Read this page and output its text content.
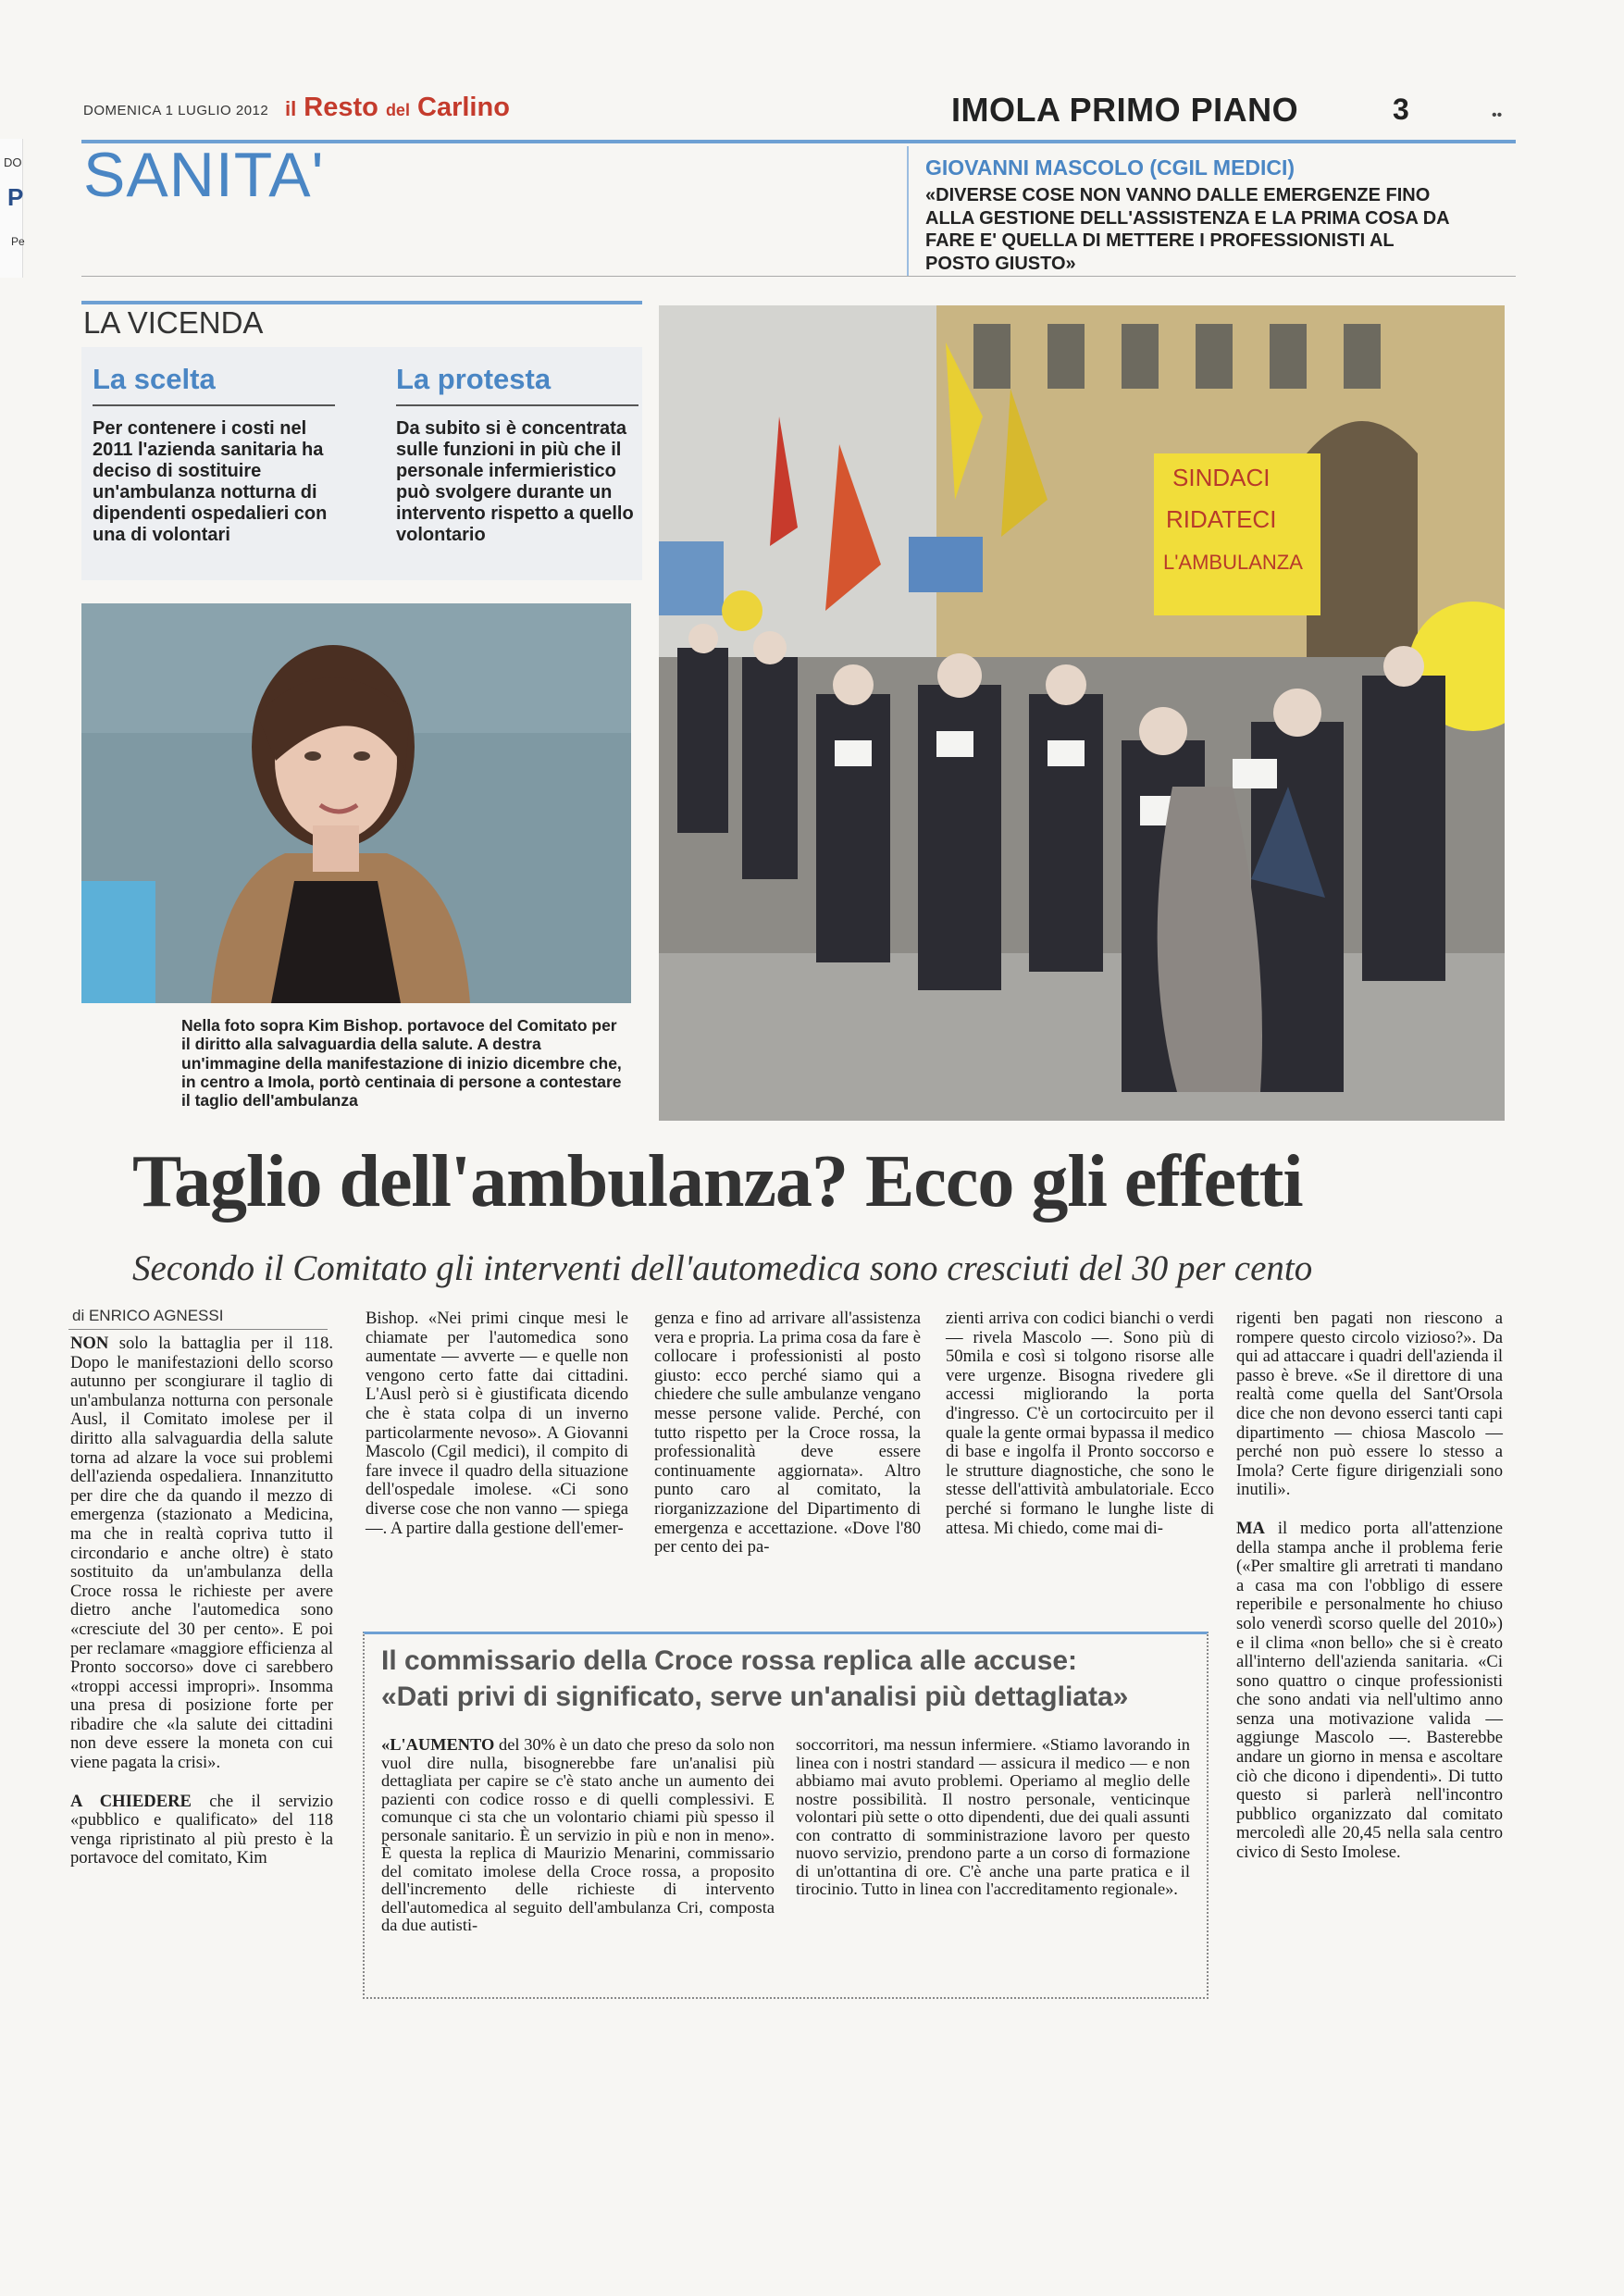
DO
P
Pe
DOMENICA 1 LUGLIO 2012 il Resto del Carlino	IMOLA PRIMO PIANO	3	••
SANITA'	GIOVANNI MASCOLO (CGIL MEDICI)
«DIVERSE COSE NON VANNO DALLE EMERGENZE FINO ALLA GESTIONE DELL'ASSISTENZA E LA PRIMA COSA DA FARE E' QUELLA DI METTERE I PROFESSIONISTI AL POSTO GIUSTO»
LA VICENDA
La scelta
Per contenere i costi nel 2011 l'azienda sanitaria ha deciso di sostituire un'ambulanza notturna di dipendenti ospedalieri con una di volontari
La protesta
Da subito si è concentrata sulle funzioni in più che il personale infermieristico può svolgere durante un intervento rispetto a quello volontario
Nella foto sopra Kim Bishop. portavoce del Comitato per il diritto alla salvaguardia della salute. A destra un'immagine della manifestazione di inizio dicembre che, in centro a Imola, portò centinaia di persone a contestare il taglio dell'ambulanza
SINDACI
RIDATECI
L'AMBULANZA
Taglio dell'ambulanza? Ecco gli effetti
Secondo il Comitato gli interventi dell'automedica sono cresciuti del 30 per cento
di ENRICO AGNESSI

NON solo la battaglia per il 118. Dopo le manifestazioni dello scorso autunno per scongiurare il taglio di un'ambulanza notturna con personale Ausl, il Comitato imolese per il diritto alla salvaguardia della salute torna ad alzare la voce sui problemi dell'azienda ospedaliera. Innanzitutto per dire che da quando il mezzo di emergenza (stazionato a Medicina, ma che in realtà copriva tutto il circondario e anche oltre) è stato sostituito da un'ambulanza della Croce rossa le richieste per avere dietro anche l'automedica sono «cresciute del 30 per cento». E poi per reclamare «maggiore efficienza al Pronto soccorso» dove ci sarebbero «troppi accessi impropri». Insomma una presa di posizione forte per ribadire che «la salute dei cittadini non deve essere la moneta con cui viene pagata la crisi».

A CHIEDERE che il servizio «pubblico e qualificato» del 118 venga ripristinato al più presto è la portavoce del comitato, Kim

Bishop. «Nei primi cinque mesi le chiamate per l'automedica sono aumentate — avverte — e quelle non vengono certo fatte dai cittadini. L'Ausl però si è giustificata dicendo che è stata colpa di un inverno particolarmente nevoso». A Giovanni Mascolo (Cgil medici), il compito di fare invece il quadro della situazione dell'ospedale imolese. «Ci sono diverse cose che non vanno — spiega —. A partire dalla gestione dell'emer-

genza e fino ad arrivare all'assistenza vera e propria. La prima cosa da fare è collocare i professionisti al posto giusto: ecco perché siamo qui a chiedere che sulle ambulanze vengano messe persone valide. Perché, con tutto rispetto per la Croce rossa, la professionalità deve essere continuamente aggiornata». Altro punto caro al comitato, la riorganizzazione del Dipartimento di emergenza e accettazione. «Dove l'80 per cento dei pa-

zienti arriva con codici bianchi o verdi — rivela Mascolo —. Sono più di 50mila e così si tolgono risorse alle vere urgenze. Bisogna rivedere gli accessi migliorando la porta d'ingresso. C'è un cortocircuito per il quale la gente ormai bypassa il medico di base e ingolfa il Pronto soccorso e le strutture diagnostiche, che sono le stesse dell'attività ambulatoriale. Ecco perché si formano le lunghe liste di attesa. Mi chiedo, come mai di-

rigenti ben pagati non riescono a rompere questo circolo vizioso?». Da qui ad attaccare i quadri dell'azienda il passo è breve. «Se il direttore di una realtà come quella del Sant'Orsola dice che non devono esserci tanti capi dipartimento — chiosa Mascolo — perché non può essere lo stesso a Imola? Certe figure dirigenziali sono inutili».

MA il medico porta all'attenzione della stampa anche il problema ferie («Per smaltire gli arretrati ti mandano a casa ma con l'obbligo di essere reperibile e personalmente ho chiuso solo venerdì scorso quelle del 2010») e il clima «non bello» che si è creato all'interno dell'azienda sanitaria. «Ci sono quattro o cinque professionisti che sono andati via nell'ultimo anno senza una motivazione valida — aggiunge Mascolo —. Basterebbe andare un giorno in mensa e ascoltare ciò che dicono i dipendenti». Di tutto questo si parlerà nell'incontro pubblico organizzato dal comitato mercoledì alle 20,45 nella sala centro civico di Sesto Imolese.

Il commissario della Croce rossa replica alle accuse:
«Dati privi di significato, serve un'analisi più dettagliata»

«L'AUMENTO del 30% è un dato che preso da solo non vuol dire nulla, bisognerebbe fare un'analisi più dettagliata per capire se c'è stato anche un aumento dei pazienti con codice rosso e di quelli complessivi. E comunque ci sta che un volontario chiami più spesso il personale sanitario. È un servizio in più e non in meno». È questa la replica di Maurizio Menarini, commissario del comitato imolese della Croce rossa, a proposito dell'incremento delle richieste di intervento dell'automedica al seguito dell'ambulanza Cri, composta da due autisti-

soccorritori, ma nessun infermiere. «Stiamo lavorando in linea con i nostri standard — assicura il medico — e non abbiamo mai avuto problemi. Operiamo al meglio delle nostre possibilità. Il nostro personale, venticinque volontari più sette o otto dipendenti, due dei quali assunti con contratto di somministrazione lavoro per questo nuovo servizio, prendono parte a un corso di formazione di un'ottantina di ore. C'è anche una parte pratica e il tirocinio. Tutto in linea con l'accreditamento regionale».
